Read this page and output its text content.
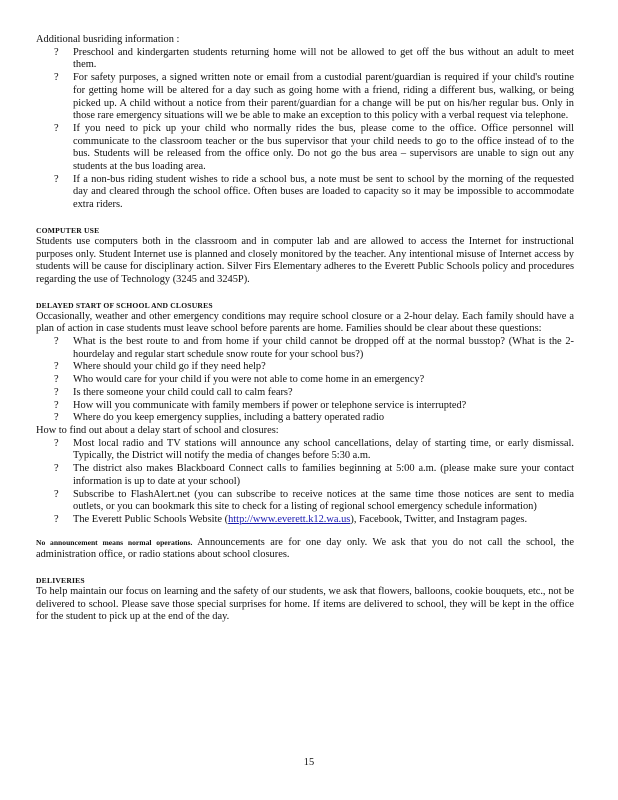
Additional busriding information :

? Preschool and kindergarten students returning home will not be allowed to get off the bus without an adult to meet them.
? For safety purposes, a signed written note or email from a custodial parent/guardian is required if your child's routine for getting home will be altered for a day such as going home with a friend, riding a different bus, walking, or being picked up. A child without a notice from their parent/guardian for a change will be put on his/her regular bus. Only in those rare emergency situations will we be able to make an exception to this policy with a verbal request via telephone.
? If you need to pick up your child who normally rides the bus, please come to the office. Office personnel will communicate to the classroom teacher or the bus supervisor that your child needs to go to the office instead of to the bus. Students will be released from the office only. Do not go the bus area – supervisors are unable to sign out any students at the bus loading area.
? If a non-bus riding student wishes to ride a school bus, a note must be sent to school by the morning of the requested day and cleared through the school office. Often buses are loaded to capacity so it may be impossible to accommodate extra riders.

COMPUTER USE

Students use computers both in the classroom and in computer lab and are allowed to access the Internet for instructional purposes only. Student Internet use is planned and closely monitored by the teacher. Any intentional misuse of Internet access by students will be cause for disciplinary action. Silver Firs Elementary adheres to the Everett Public Schools policy and procedures regarding the use of Technology (3245 and 3245P).

DELAYED START OF SCHOOL AND CLOSURES

Occasionally, weather and other emergency conditions may require school closure or a 2-hour delay. Each family should have a plan of action in case students must leave school before parents are home. Families should be clear about these questions:

? What is the best route to and from home if your child cannot be dropped off at the normal busstop? (What is the 2-hourdelay and regular start schedule snow route for your school bus?)
? Where should your child go if they need help?
? Who would care for your child if you were not able to come home in an emergency?
? Is there someone your child could call to calm fears?
? How will you communicate with family members if power or telephone service is interrupted?
? Where do you keep emergency supplies, including a battery operated radio

How to find out about a delay start of school and closures:

? Most local radio and TV stations will announce any school cancellations, delay of starting time, or early dismissal. Typically, the District will notify the media of changes before 5:30 a.m.
? The district also makes Blackboard Connect calls to families beginning at 5:00 a.m. (please make sure your contact information is up to date at your school)
? Subscribe to FlashAlert.net (you can subscribe to receive notices at the same time those notices are sent to media outlets, or you can bookmark this site to check for a listing of regional school emergency schedule information)
? The Everett Public Schools Website (http://www.everett.k12.wa.us), Facebook, Twitter, and Instagram pages.

No announcement means normal operations. Announcements are for one day only. We ask that you do not call the school, the administration office, or radio stations about school closures.

DELIVERIES

To help maintain our focus on learning and the safety of our students, we ask that flowers, balloons, cookie bouquets, etc., not be delivered to school. Please save those special surprises for home. If items are delivered to school, they will be kept in the office for the student to pick up at the end of the day.

15
